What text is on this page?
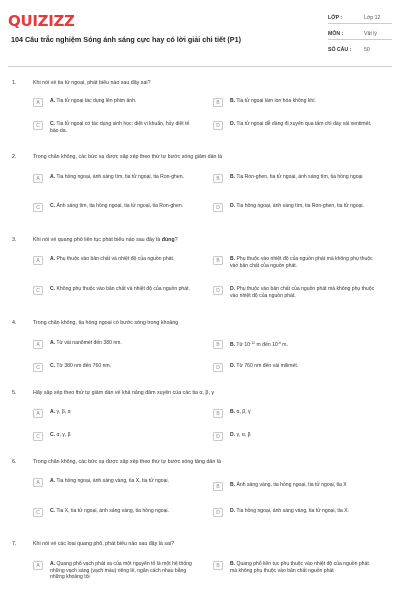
QUIZIZZ
104 Câu trắc nghiệm Sóng ánh sáng cực hay có lời giải chi tiết (P1)
LỚP :	Lớp 12
MÔN :	Vật lý
SỐ CÂU : 50
1.	Khi nói về tia tử ngoại, phát biểu nào sau đây sai?
A	A. Tia tử ngoại tác dụng lên phim ảnh.	B	B. Tia tử ngoại làm ion hóa không khí.
C	C. Tia tử ngoại có tác dụng sinh học: diệt vi khuẩn, hủy diệt tế bào da.
D	D. Tia tử ngoại dễ dàng đi xuyên qua tấm chì dày vài xentimét.
2.	Trong chân không, các bức xạ được sắp xếp theo thứ tự bước sóng giảm dần là
A	A. Tia hồng ngoại, ánh sáng tím, tia tử ngoại, tia Ron-ghen.	B	B. Tia Ron-ghen, tia tử ngoại, ánh sáng tím, tia hồng ngoại
C	C. Ánh sáng tím, tia hồng ngoại, tia tử ngoại, tia Ron-ghen.	D	D. Tia hồng ngoại, ánh sáng tím, tia Ron-ghen, tia tử ngoại.
3.	Khi nói về quang phổ liên tục phát biểu nào sau đây là đúng?
A	A. Phụ thuộc vào bản chất và nhiệt độ của nguồn phát.	B	B. Phụ thuộc vào nhiệt độ của nguồn phát mà không phụ thuộc vào bản chất của nguồn phát.
C	C. Không phụ thuộc vào bản chất và nhiệt độ của nguồn phát.	D	D. Phụ thuộc vào bản chất của nguồn phát mà không phụ thuộc vào nhiệt độ của nguồn phát.
4.	Trong chân không, tia hồng ngoại có bước sóng trong khoảng
A	A. Từ vài nanômét đến 380 nm.	B	B. Từ $10^{-12}$ m đến $10^{-9}$ m.
C	C. Từ 380 nm đến 760 nm.	D	D. Từ 760 nm đến vài milimét.
5.	Hãy sắp xếp theo thứ tự giảm dần về khả năng đâm xuyên của các tia α, β, γ
A	A. γ, β, α	B	B. α, β, γ
C	C. α, γ, β	D	D. γ, α, β
6.	Trong chân không, các bức xạ được sắp xếp theo thứ tự bước sóng tăng dần là
A	A. Tia hồng ngoại, ánh sáng vàng, tia X, tia tử ngoại.
B	B. Ánh sáng vàng, tia hồng ngoại, tia tử ngoại, tia X
C	C. Tia X, tia tử ngoại, ánh sáng vàng, tia hồng ngoại.	D	D. Tia hồng ngoại, ánh sáng vàng, tia tử ngoại, tia X.
7.	Khi nói về các loại quang phổ, phát biểu nào sau đây là sai?
A	A. Quang phổ vạch phát xạ của một nguyên tố là một hệ thống những vạch sáng (vạch màu) riêng lẻ, ngăn cách nhau bằng những khoảng tối
B	B. Quang phổ liên tục phụ thuộc vào nhiệt độ của nguồn phát mà không phụ thuộc vào bản chất nguồn phát
